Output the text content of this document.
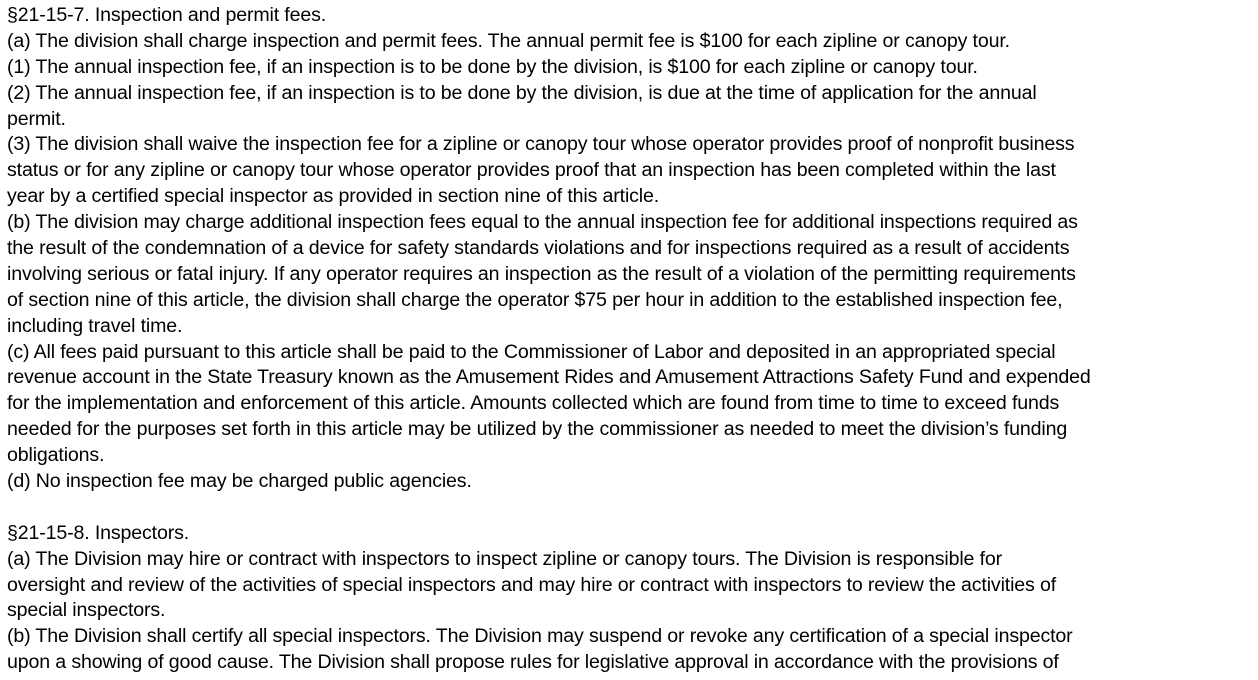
§21-15-7. Inspection and permit fees.
(a) The division shall charge inspection and permit fees. The annual permit fee is $100 for each zipline or canopy tour.
(1) The annual inspection fee, if an inspection is to be done by the division, is $100 for each zipline or canopy tour.
(2) The annual inspection fee, if an inspection is to be done by the division, is due at the time of application for the annual
permit.
(3) The division shall waive the inspection fee for a zipline or canopy tour whose operator provides proof of nonprofit business
status or for any zipline or canopy tour whose operator provides proof that an inspection has been completed within the last
year by a certified special inspector as provided in section nine of this article.
(b) The division may charge additional inspection fees equal to the annual inspection fee for additional inspections required as
the result of the condemnation of a device for safety standards violations and for inspections required as a result of accidents
involving serious or fatal injury. If any operator requires an inspection as the result of a violation of the permitting requirements
of section nine of this article, the division shall charge the operator $75 per hour in addition to the established inspection fee,
including travel time.
(c) All fees paid pursuant to this article shall be paid to the Commissioner of Labor and deposited in an appropriated special
revenue account in the State Treasury known as the Amusement Rides and Amusement Attractions Safety Fund and expended
for the implementation and enforcement of this article. Amounts collected which are found from time to time to exceed funds
needed for the purposes set forth in this article may be utilized by the commissioner as needed to meet the division’s funding
obligations.
(d) No inspection fee may be charged public agencies.
§21-15-8. Inspectors.
(a) The Division may hire or contract with inspectors to inspect zipline or canopy tours. The Division is responsible for
oversight and review of the activities of special inspectors and may hire or contract with inspectors to review the activities of
special inspectors.
(b) The Division shall certify all special inspectors. The Division may suspend or revoke any certification of a special inspector
upon a showing of good cause. The Division shall propose rules for legislative approval in accordance with the provisions of
